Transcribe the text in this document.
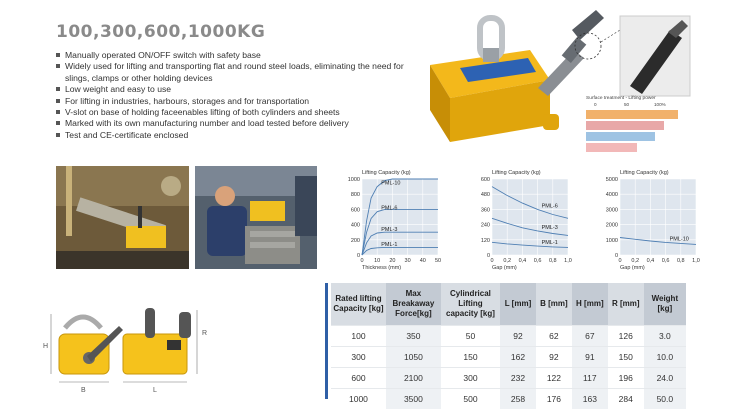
100,300,600,1000KG
Manually operated ON/OFF switch with safety base
Widely used for lifting and transporting flat and round steel loads, eliminating the need for slings, clamps or other holding devices
Low weight and easy to use
For lifting in industries, harbours, storages and for transportation
V-slot on base of holding faceenables lifting of both cylinders and sheets
Marked with its own manufacturing number and load tested before delivery
Test and CE-certificate enclosed
Surface treatment - Lifting power
0	50	100%
Lifting Capacity (kg)
1000
800
600
400
200
0
0 10 20 30 40 50
Thickness (mm)
PML-10
PML-6
PML-3
PML-1
Lifting Capacity (kg)
600
480
360
240
120
0
0 0,2 0,4 0,6 0,8 1,0
Gap (mm)
PML-6
PML-3
PML-1
Lifting Capacity (kg)
5000
4000
3000
2000
1000
0
0 0,2 0,4 0,6 0,8 1,0
Gap (mm)
PML-10
Rated lifting Capacity [kg]	Max Breakaway Force[kg]	Cylindrical Lifting capacity [kg]	L [mm]	B [mm]	H [mm]	R [mm]	Weight [kg]
100	350	50	92	62	67	126	3.0
300	1050	150	162	92	91	150	10.0
600	2100	300	232	122	117	196	24.0
1000	3500	500	258	176	163	284	50.0
H
B	L
R
